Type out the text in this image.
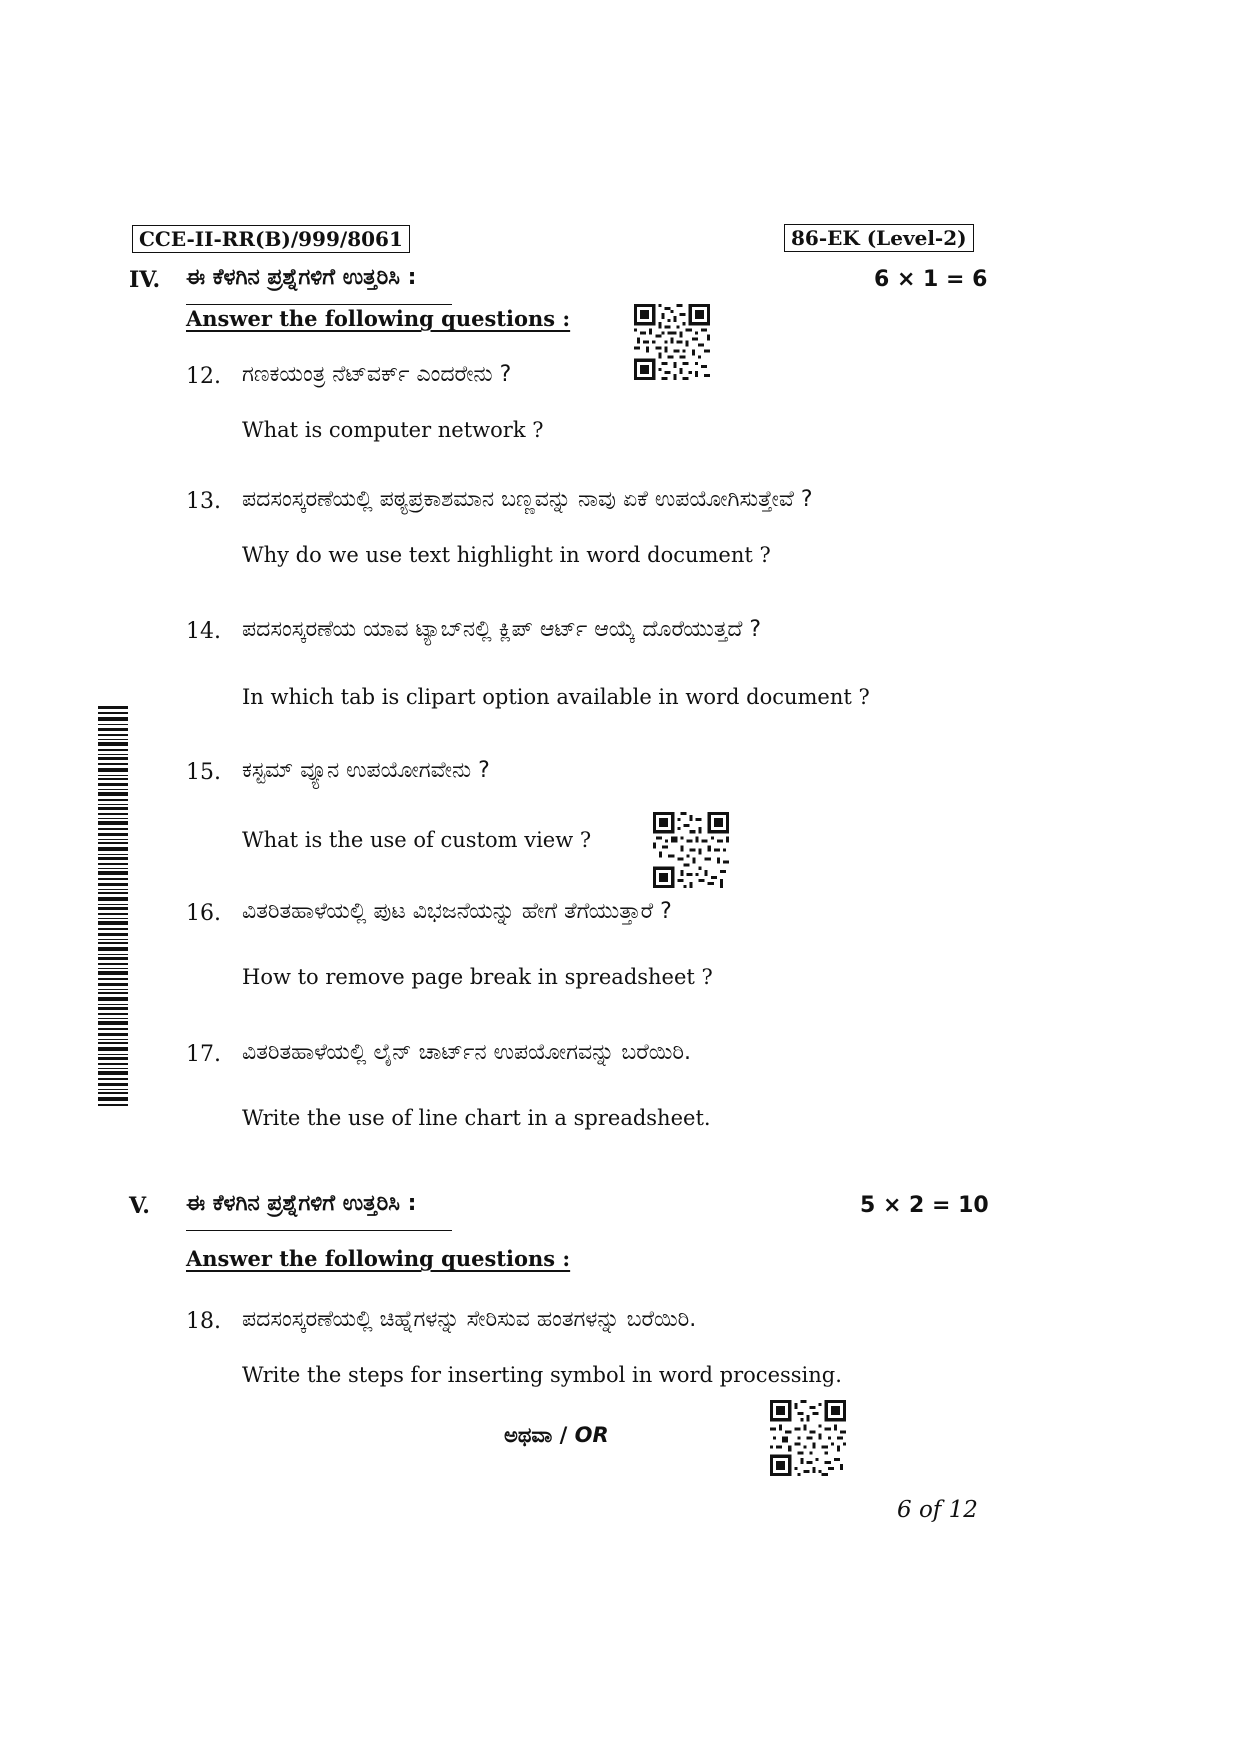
CCE-II-RR(B)/999/8061	86-EK (Level-2)
IV. ಈ ಕೆಳಗಿನ ಪ್ರಶ್ನೆಗಳಿಗೆ ಉತ್ತರಿಸಿ :	6 × 1 = 6
Answer the following questions :
12. ಗಣಕಯಂತ್ರ ನೆಟ್‌ವರ್ಕ್ ಎಂದರೇನು ?
What is computer network ?
13. ಪದಸಂಸ್ಕರಣೆಯಲ್ಲಿ ಪಠ್ಯಪ್ರಕಾಶಮಾನ ಬಣ್ಣವನ್ನು ನಾವು ಏಕೆ ಉಪಯೋಗಿಸುತ್ತೇವೆ ?
Why do we use text highlight in word document ?
14. ಪದಸಂಸ್ಕರಣೆಯ ಯಾವ ಟ್ಯಾಬ್‌ನಲ್ಲಿ ಕ್ಲಿಪ್ ಆರ್ಟ್ ಆಯ್ಕೆ ದೊರೆಯುತ್ತದೆ ?
In which tab is clipart option available in word document ?
15. ಕಸ್ಟಮ್ ವ್ಯೂನ ಉಪಯೋಗವೇನು ?
What is the use of custom view ?
16. ವಿತರಿತಹಾಳೆಯಲ್ಲಿ ಪುಟ ವಿಭಜನೆಯನ್ನು ಹೇಗೆ ತೆಗೆಯುತ್ತಾರೆ ?
How to remove page break in spreadsheet ?
17. ವಿತರಿತಹಾಳೆಯಲ್ಲಿ ಲೈನ್ ಚಾರ್ಟ್‌ನ ಉಪಯೋಗವನ್ನು ಬರೆಯಿರಿ.
Write the use of line chart in a spreadsheet.
V. ಈ ಕೆಳಗಿನ ಪ್ರಶ್ನೆಗಳಿಗೆ ಉತ್ತರಿಸಿ :	5 × 2 = 10
Answer the following questions :
18. ಪದಸಂಸ್ಕರಣೆಯಲ್ಲಿ ಚಿಹ್ನೆಗಳನ್ನು ಸೇರಿಸುವ ಹಂತಗಳನ್ನು ಬರೆಯಿರಿ.
Write the steps for inserting symbol in word processing.
ಅಥವಾ / OR
6 of 12
